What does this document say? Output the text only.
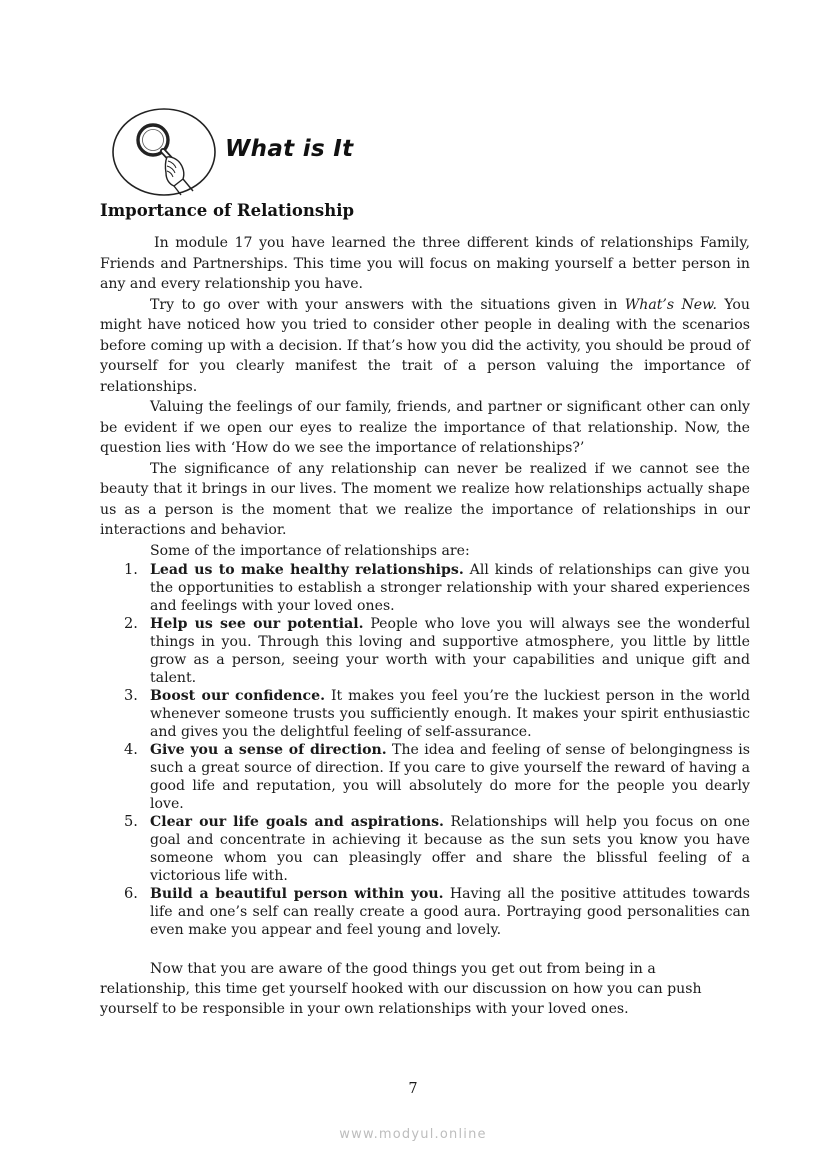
What is It
Importance of Relationship

In module 17 you have learned the three different kinds of relationships Family, Friends and Partnerships. This time you will focus on making yourself a better person in any and every relationship you have.

Try to go over with your answers with the situations given in What’s New. You might have noticed how you tried to consider other people in dealing with the scenarios before coming up with a decision. If that’s how you did the activity, you should be proud of yourself for you clearly manifest the trait of a person valuing the importance of relationships.

Valuing the feelings of our family, friends, and partner or significant other can only be evident if we open our eyes to realize the importance of that relationship. Now, the question lies with ‘How do we see the importance of relationships?’

The significance of any relationship can never be realized if we cannot see the beauty that it brings in our lives. The moment we realize how relationships actually shape us as a person is the moment that we realize the importance of relationships in our interactions and behavior.

Some of the importance of relationships are:

1. Lead us to make healthy relationships. All kinds of relationships can give you the opportunities to establish a stronger relationship with your shared experiences and feelings with your loved ones.
2. Help us see our potential. People who love you will always see the wonderful things in you. Through this loving and supportive atmosphere, you little by little grow as a person, seeing your worth with your capabilities and unique gift and talent.
3. Boost our confidence. It makes you feel you’re the luckiest person in the world whenever someone trusts you sufficiently enough. It makes your spirit enthusiastic and gives you the delightful feeling of self-assurance.
4. Give you a sense of direction. The idea and feeling of sense of belongingness is such a great source of direction. If you care to give yourself the reward of having a good life and reputation, you will absolutely do more for the people you dearly love.
5. Clear our life goals and aspirations. Relationships will help you focus on one goal and concentrate in achieving it because as the sun sets you know you have someone whom you can pleasingly offer and share the blissful feeling of a victorious life with.
6. Build a beautiful person within you. Having all the positive attitudes towards life and one’s self can really create a good aura. Portraying good personalities can even make you appear and feel young and lovely.

Now that you are aware of the good things you get out from being in a relationship, this time get yourself hooked with our discussion on how you can push yourself to be responsible in your own relationships with your loved ones.

7

www.modyul.online
